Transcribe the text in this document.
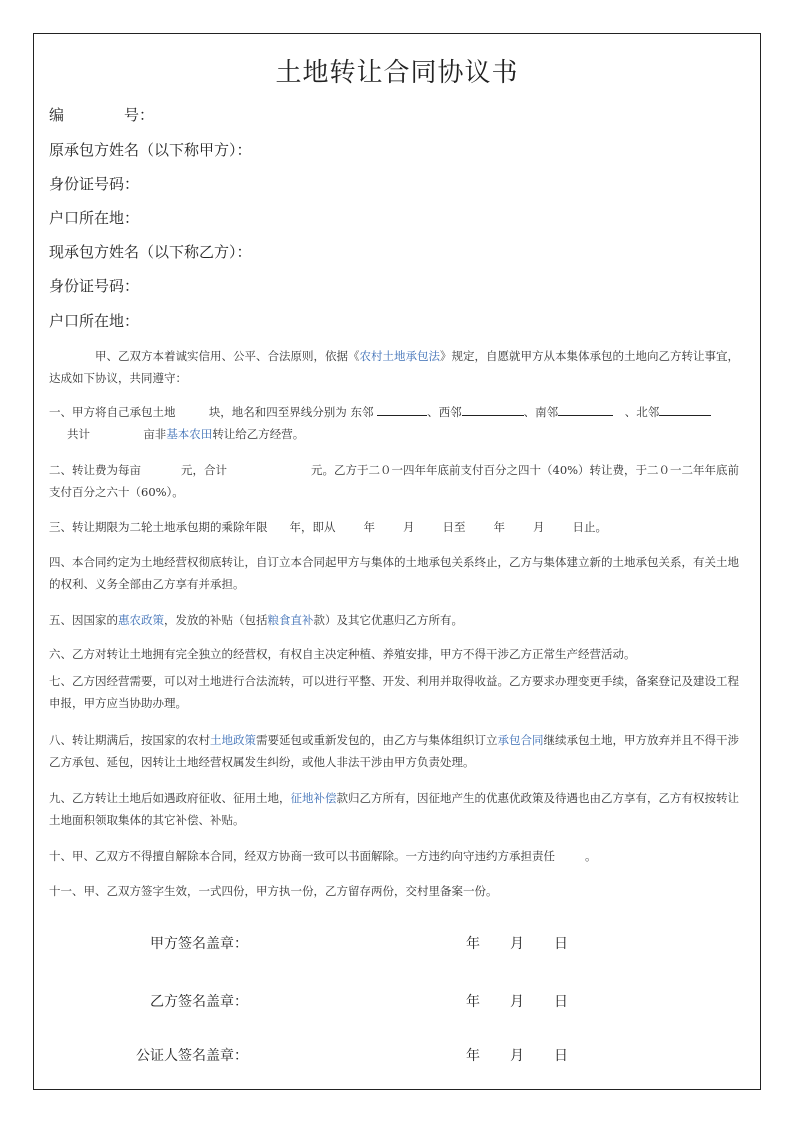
土地转让合同协议书
编　　　　号：
原承包方姓名（以下称甲方）：
身份证号码：
户口所在地：
现承包方姓名（以下称乙方）：
身份证号码：
户口所在地：
甲、乙双方本着诚实信用、公平、合法原则，依据《农村土地承包法》规定，自愿就甲方从本集体承包的土地向乙方转让事宜，达成如下协议，共同遵守：
一、甲方将自己承包土地	块，地名和四至界线分别为 东邻	、西邻	、南邻	、北邻
共计	亩非基本农田转让给乙方经营。
二、转让费为每亩	元，合计	元。乙方于二０一四年年底前支付百分之四十（40%）转让费，于二０一二年年底前支付百分之六十（60%）。
三、转让期限为二轮土地承包期的乘除年限 年，即从 年 月 日至 年 月 日止。
四、本合同约定为土地经营权彻底转让，自订立本合同起甲方与集体的土地承包关系终止，乙方与集体建立新的土地承包关系，有关土地的权利、义务全部由乙方享有并承担。
五、因国家的惠农政策，发放的补贴（包括粮食直补款）及其它优惠归乙方所有。
六、乙方对转让土地拥有完全独立的经营权，有权自主决定种植、养殖安排，甲方不得干涉乙方正常生产经营活动。
七、乙方因经营需要，可以对土地进行合法流转，可以进行平整、开发、利用并取得收益。乙方要求办理变更手续，备案登记及建设工程申报，甲方应当协助办理。
八、转让期满后，按国家的农村土地政策需要延包或重新发包的，由乙方与集体组织订立承包合同继续承包土地，甲方放弃并且不得干涉乙方承包、延包，因转让土地经营权属发生纠纷，或他人非法干涉由甲方负责处理。
九、乙方转让土地后如遇政府征收、征用土地，征地补偿款归乙方所有，因征地产生的优惠优政策及待遇也由乙方享有，乙方有权按转让土地面积领取集体的其它补偿、补贴。
十、甲、乙双方不得擅自解除本合同，经双方协商一致可以书面解除。一方违约向守违约方承担责任	。
十一、甲、乙双方签字生效，一式四份，甲方执一份，乙方留存两份，交村里备案一份。
甲方签名盖章：	年 月 日
乙方签名盖章：	年 月 日
公证人签名盖章：	年 月 日
